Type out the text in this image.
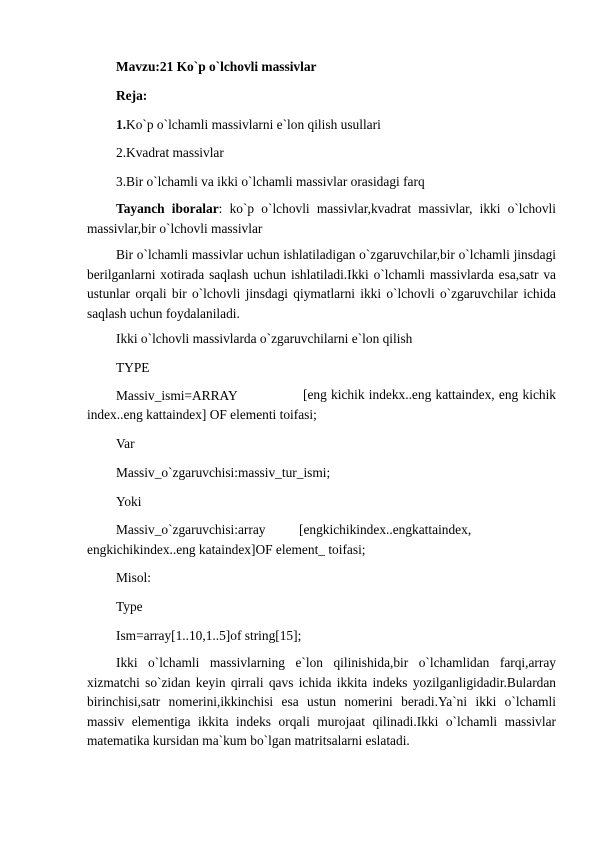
Mavzu:21 Ko`p o`lchovli massivlar
Reja:
1.Ko`p o`lchamli massivlarni e`lon qilish usullari
2.Kvadrat massivlar
3.Bir o`lchamli va ikki o`lchamli massivlar orasidagi farq
Tayanch iboralar: ko`p o`lchovli massivlar,kvadrat massivlar, ikki o`lchovli massivlar,bir o`lchovli massivlar
Bir o`lchamli massivlar uchun ishlatiladigan o`zgaruvchilar,bir o`lchamli jinsdagi berilganlarni xotirada saqlash uchun ishlatiladi.Ikki o`lchamli massivlarda esa,satr va ustunlar orqali bir o`lchovli jinsdagi qiymatlarni ikki o`lchovli o`zgaruvchilar ichida saqlash uchun foydalaniladi.
Ikki o`lchovli massivlarda o`zgaruvchilarni e`lon qilish
TYPE
Massiv_ismi=ARRAY	[eng kichik indekx..eng kattaindex, eng kichik index..eng kattaindex] OF elementi toifasi;
Var
Massiv_o`zgaruvchisi:massiv_tur_ismi;
Yoki
Massiv_o`zgaruvchisi:array	[engkichikindex..engkattaindex,
engkichikindex..eng kataindex]OF element_ toifasi;
Misol:
Type
Ism=array[1..10,1..5]of string[15];
Ikki o`lchamli massivlarning e`lon qilinishida,bir o`lchamlidan farqi,array xizmatchi so`zidan keyin qirrali qavs ichida ikkita indeks yozilganligidadir.Bulardan birinchisi,satr nomerini,ikkinchisi esa ustun nomerini beradi.Ya`ni ikki o`lchamli massiv elementiga ikkita indeks orqali murojaat qilinadi.Ikki o`lchamli massivlar matematika kursidan ma`kum bo`lgan matritsalarni eslatadi.
